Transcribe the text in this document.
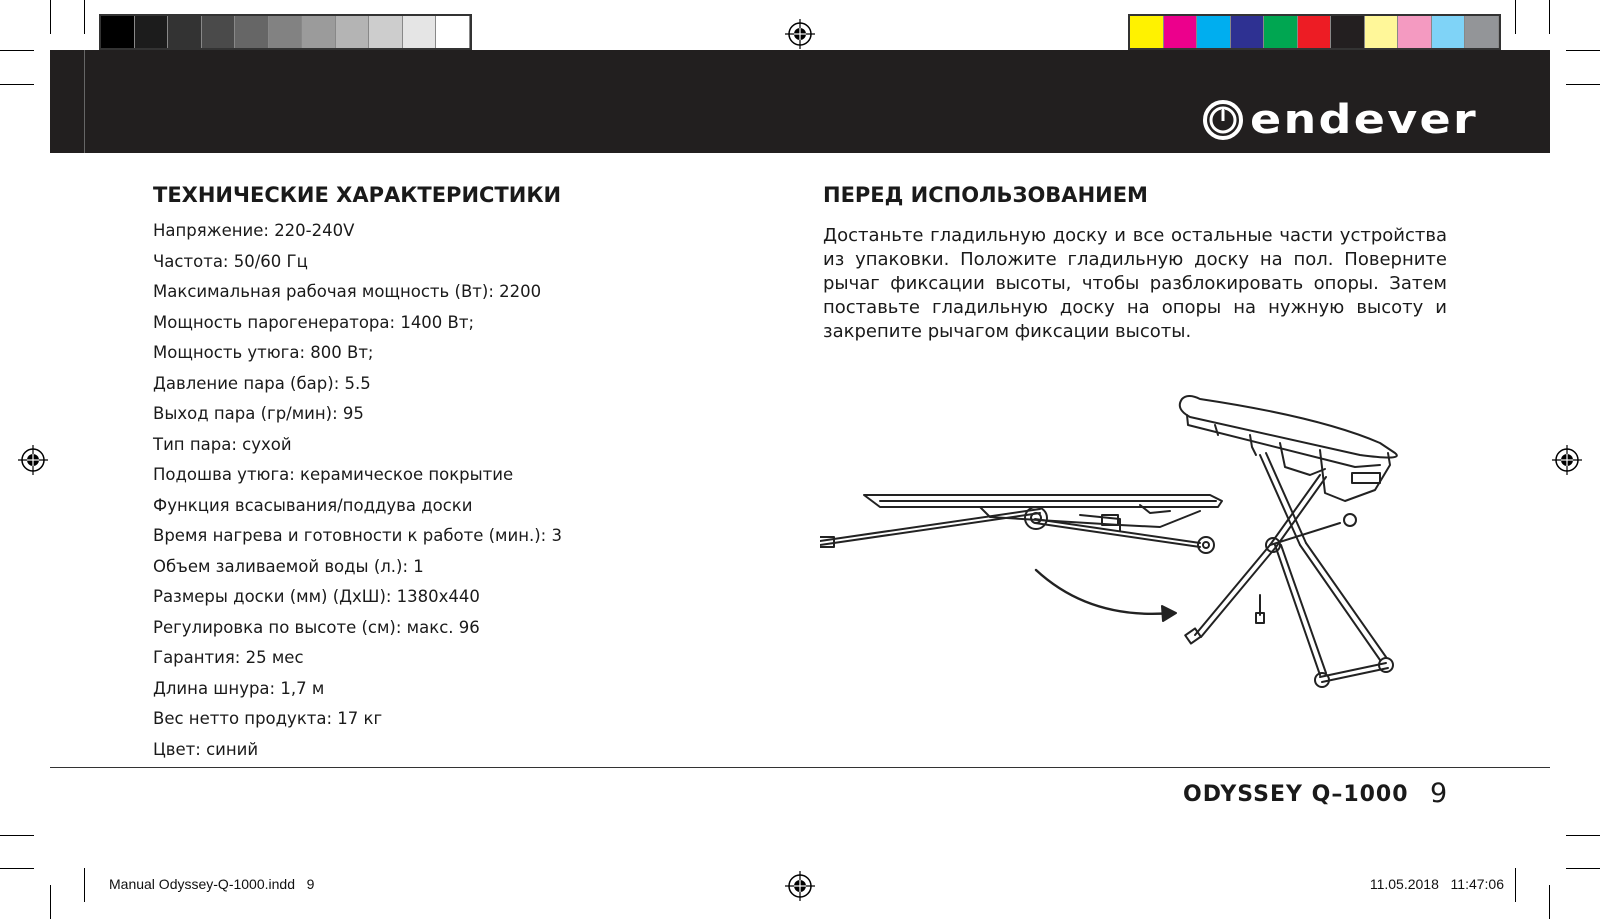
endever
ТЕХНИЧЕСКИЕ ХАРАКТЕРИСТИКИ
Напряжение: 220-240V
Частота: 50/60 Гц
Максимальная рабочая мощность (Вт): 2200
Мощность парогенератора: 1400 Вт;
Мощность утюга: 800 Вт;
Давление пара (бар): 5.5
Выход пара (гр/мин): 95
Тип пара: сухой
Подошва утюга: керамическое покрытие
Функция всасывания/поддува доски
Время нагрева и готовности к работе (мин.): 3
Объем заливаемой воды (л.): 1
Размеры доски (мм) (ДхШ): 1380x440
Регулировка по высоте (см): макс. 96
Гарантия: 25 мес
Длина шнура: 1,7 м
Вес нетто продукта: 17 кг
Цвет: синий
ПЕРЕД ИСПОЛЬЗОВАНИЕМ

Достаньте гладильную доску и все остальные части устройства из упаковки. Положите гладильную доску на пол. Поверните рычаг фиксации высоты, чтобы разблокировать опоры. Затем поставьте гладильную доску на опоры на нужную высоту и закрепите рычагом фиксации высоты.

ODYSSEY Q–1000 9
Manual Odyssey-Q-1000.indd   9	11.05.2018   11:47:06
